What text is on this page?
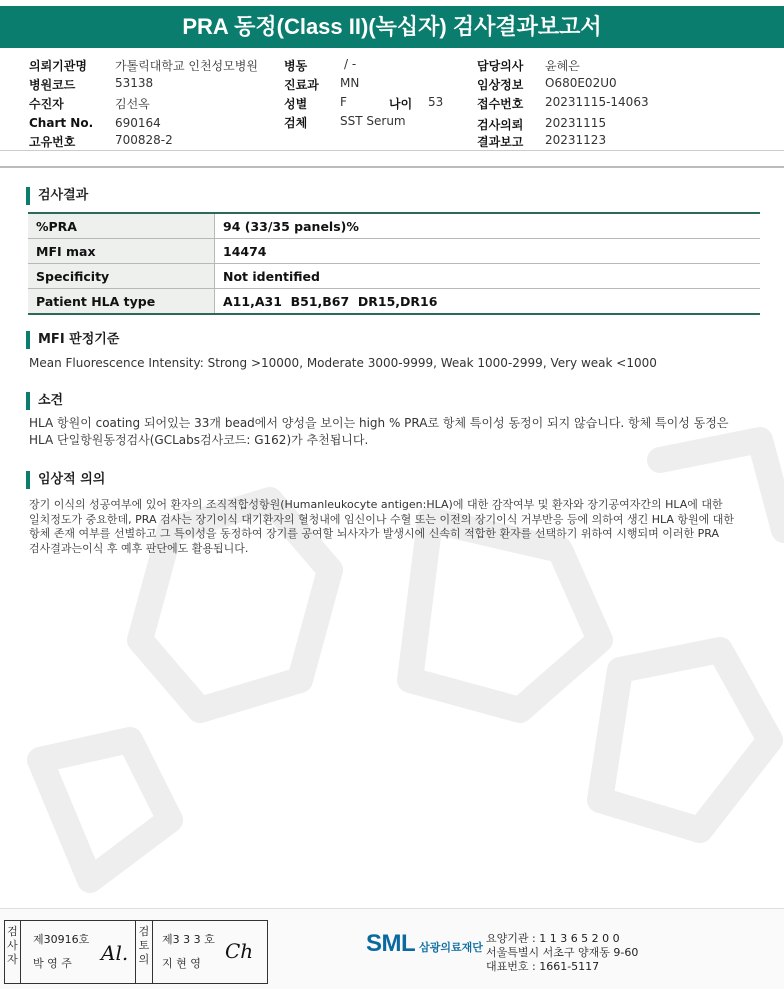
PRA 동정(Class II)(녹십자) 검사결과보고서
의뢰기관명 가톨릭대학교 인천성모병원
병원코드	53138
수진자	김선옥
Chart No. 690164
고유번호	700828-2
병동	/ -
진료과 MN
성별	F	나이 53
검체	SST Serum
담당의사 윤혜은
임상정보 O680E02U0
접수번호 20231115-14063
검사의뢰 20231115
결과보고 20231123
검사결과
%PRA	94 (33/35 panels)%
MFI max	14474
Specificity	Not identified
Patient HLA type	A11,A31  B51,B67  DR15,DR16
MFI 판정기준
Mean Fluorescence Intensity: Strong >10000, Moderate 3000-9999, Weak 1000-2999, Very weak <1000
소견
HLA 항원이 coating 되어있는 33개 bead에서 양성을 보이는 high % PRA로 항체 특이성 동정이 되지 않습니다. 항체 특이성 동정은
HLA 단일항원동정검사(GCLabs검사코드: G162)가 추천됩니다.
임상적 의의
장기 이식의 성공여부에 있어 환자의 조직적합성항원(Humanleukocyte antigen:HLA)에 대한 감작여부 및 환자와 장기공여자간의 HLA에 대한
일치정도가 중요한데, PRA 검사는 장기이식 대기환자의 혈청내에 임신이나 수혈 또는 이전의 장기이식 거부반응 등에 의하여 생긴 HLA 항원에 대한
항체 존재 여부를 선별하고 그 특이성을 동정하여 장기를 공여할 뇌사자가 발생시에 신속히 적합한 환자를 선택하기 위하여 시행되며 이러한 PRA
검사결과는이식 후 예후 판단에도 활용됩니다.
검사자
제30916호
박 영 주 Al.
검토의
제3 3 3 호
지 현 영
Ch	SML 삼광의료재단
요양기관 : 1 1 3 6 5 2 0 0
서울특별시 서초구 양재동 9-60
대표번호 : 1661-5117
